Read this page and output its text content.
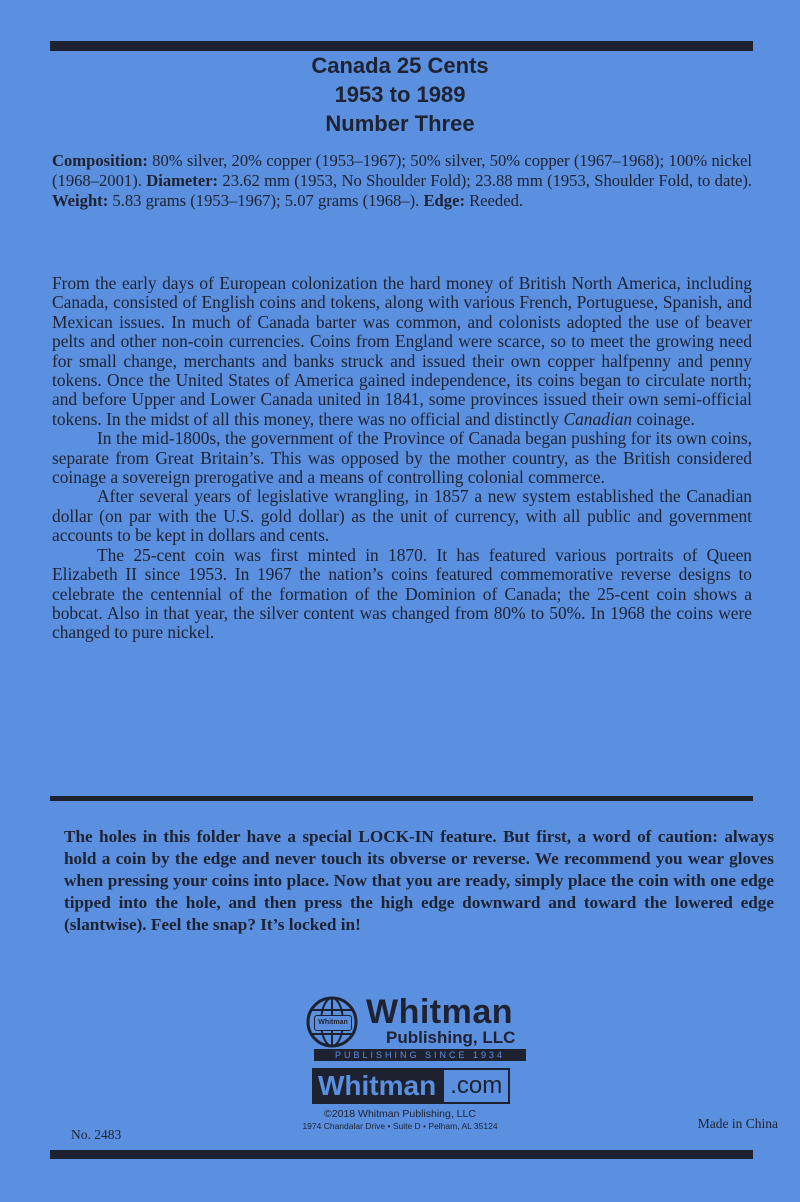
Canada 25 Cents
1953 to 1989
Number Three
Composition: 80% silver, 20% copper (1953–1967); 50% silver, 50% copper (1967–1968); 100% nickel (1968–2001). Diameter: 23.62 mm (1953, No Shoulder Fold); 23.88 mm (1953, Shoulder Fold, to date). Weight: 5.83 grams (1953–1967); 5.07 grams (1968–). Edge: Reeded.

From the early days of European colonization the hard money of British North America, including Canada, consisted of English coins and tokens, along with various French, Portuguese, Spanish, and Mexican issues. In much of Canada barter was common, and colonists adopted the use of beaver pelts and other non-coin currencies. Coins from England were scarce, so to meet the growing need for small change, merchants and banks struck and issued their own copper halfpenny and penny tokens. Once the United States of America gained independence, its coins began to circulate north; and before Upper and Lower Canada united in 1841, some provinces issued their own semi-official tokens. In the midst of all this money, there was no official and distinctly Canadian coinage.

In the mid-1800s, the government of the Province of Canada began pushing for its own coins, separate from Great Britain’s. This was opposed by the mother country, as the British considered coinage a sovereign prerogative and a means of controlling colonial commerce.

After several years of legislative wrangling, in 1857 a new system established the Canadian dollar (on par with the U.S. gold dollar) as the unit of currency, with all public and government accounts to be kept in dollars and cents.

The 25-cent coin was first minted in 1870. It has featured various portraits of Queen Elizabeth II since 1953. In 1967 the nation’s coins featured commemorative reverse designs to celebrate the centennial of the formation of the Dominion of Canada; the 25-cent coin shows a bobcat. Also in that year, the silver content was changed from 80% to 50%. In 1968 the coins were changed to pure nickel.

The holes in this folder have a special LOCK-IN feature. But first, a word of caution: always hold a coin by the edge and never touch its obverse or reverse. We recommend you wear gloves when pressing your coins into place. Now that you are ready, simply place the coin with one edge tipped into the hole, and then press the high edge downward and toward the lowered edge (slantwise). Feel the snap? It’s locked in!
Whitman Whitman
Publishing, LLC
PUBLISHING SINCE 1934
Whitman .com
©2018 Whitman Publishing, LLC
1974 Chandalar Drive • Suite D • Pelham, AL 35124
No. 2483
Made in China
